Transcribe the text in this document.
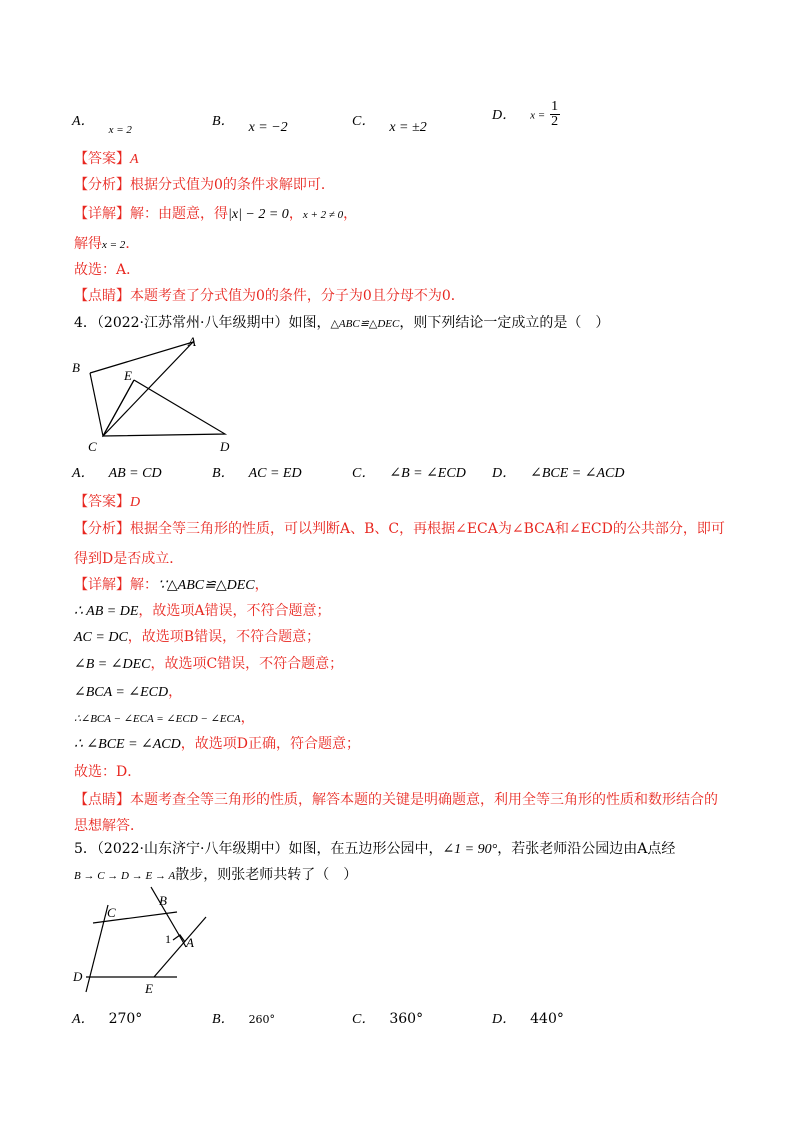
A．$_{x = 2}$
B． x = −2	C． x = ±2
D． $x = \frac{1}{2}$
【答案】A
【分析】根据分式值为0的条件求解即可．
【详解】解：由题意，得|x| − 2 = 0，x + 2 ≠ 0，
解得x = 2．
故选：A．
【点睛】本题考查了分式值为0的条件，分子为0且分母不为0．
4．（2022·江苏常州·八年级期中）如图，△ABC≌△DEC，则下列结论一定成立的是（　）
A
B
E
C	D
A． AB = CD	B． AC = ED	C． ∠B = ∠ECD D． ∠BCE = ∠ACD
【答案】D
【分析】根据全等三角形的性质，可以判断A、B、C，再根据∠ECA为∠BCA和∠ECD的公共部分，即可
得到D是否成立．
【详解】解：∵△ABC≌△DEC，
∴ AB = DE，故选项A错误，不符合题意；
AC = DC，故选项B错误，不符合题意；
∠B = ∠DEC，故选项C错误，不符合题意；
∠BCA = ∠ECD，
∴∠BCA − ∠ECA = ∠ECD − ∠ECA，
∴ ∠BCE = ∠ACD，故选项D正确，符合题意；
故选：D．
【点睛】本题考查全等三角形的性质，解答本题的关键是明确题意，利用全等三角形的性质和数形结合的
思想解答．
5．（2022·山东济宁·八年级期中）如图，在五边形公园中，∠1 = 90°，若张老师沿公园边由A点经
B → C → D → E → A散步，则张老师共转了（　）
C
B
1 A
D
E
A． 270°	B． 260°	C． 360°	D． 440°
